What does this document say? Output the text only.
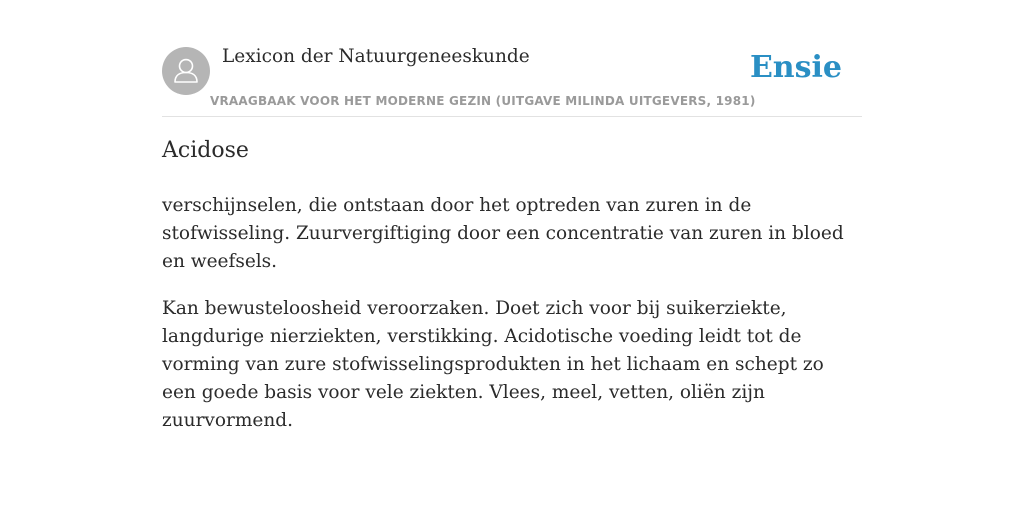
Lexicon der Natuurgeneeskunde
VRAAGBAAK VOOR HET MODERNE GEZIN (UITGAVE MILINDA UITGEVERS, 1981)
Ensie
Acidose

verschijnselen, die ontstaan door het optreden van zuren in de stofwisseling. Zuurvergiftiging door een concentratie van zuren in bloed en weefsels.

Kan bewusteloosheid veroorzaken. Doet zich voor bij suikerziekte, langdurige nierziekten, verstikking. Acidotische voeding leidt tot de vorming van zure stofwisselingsprodukten in het lichaam en schept zo een goede basis voor vele ziekten. Vlees, meel, vetten, oliën zijn zuurvormend.
